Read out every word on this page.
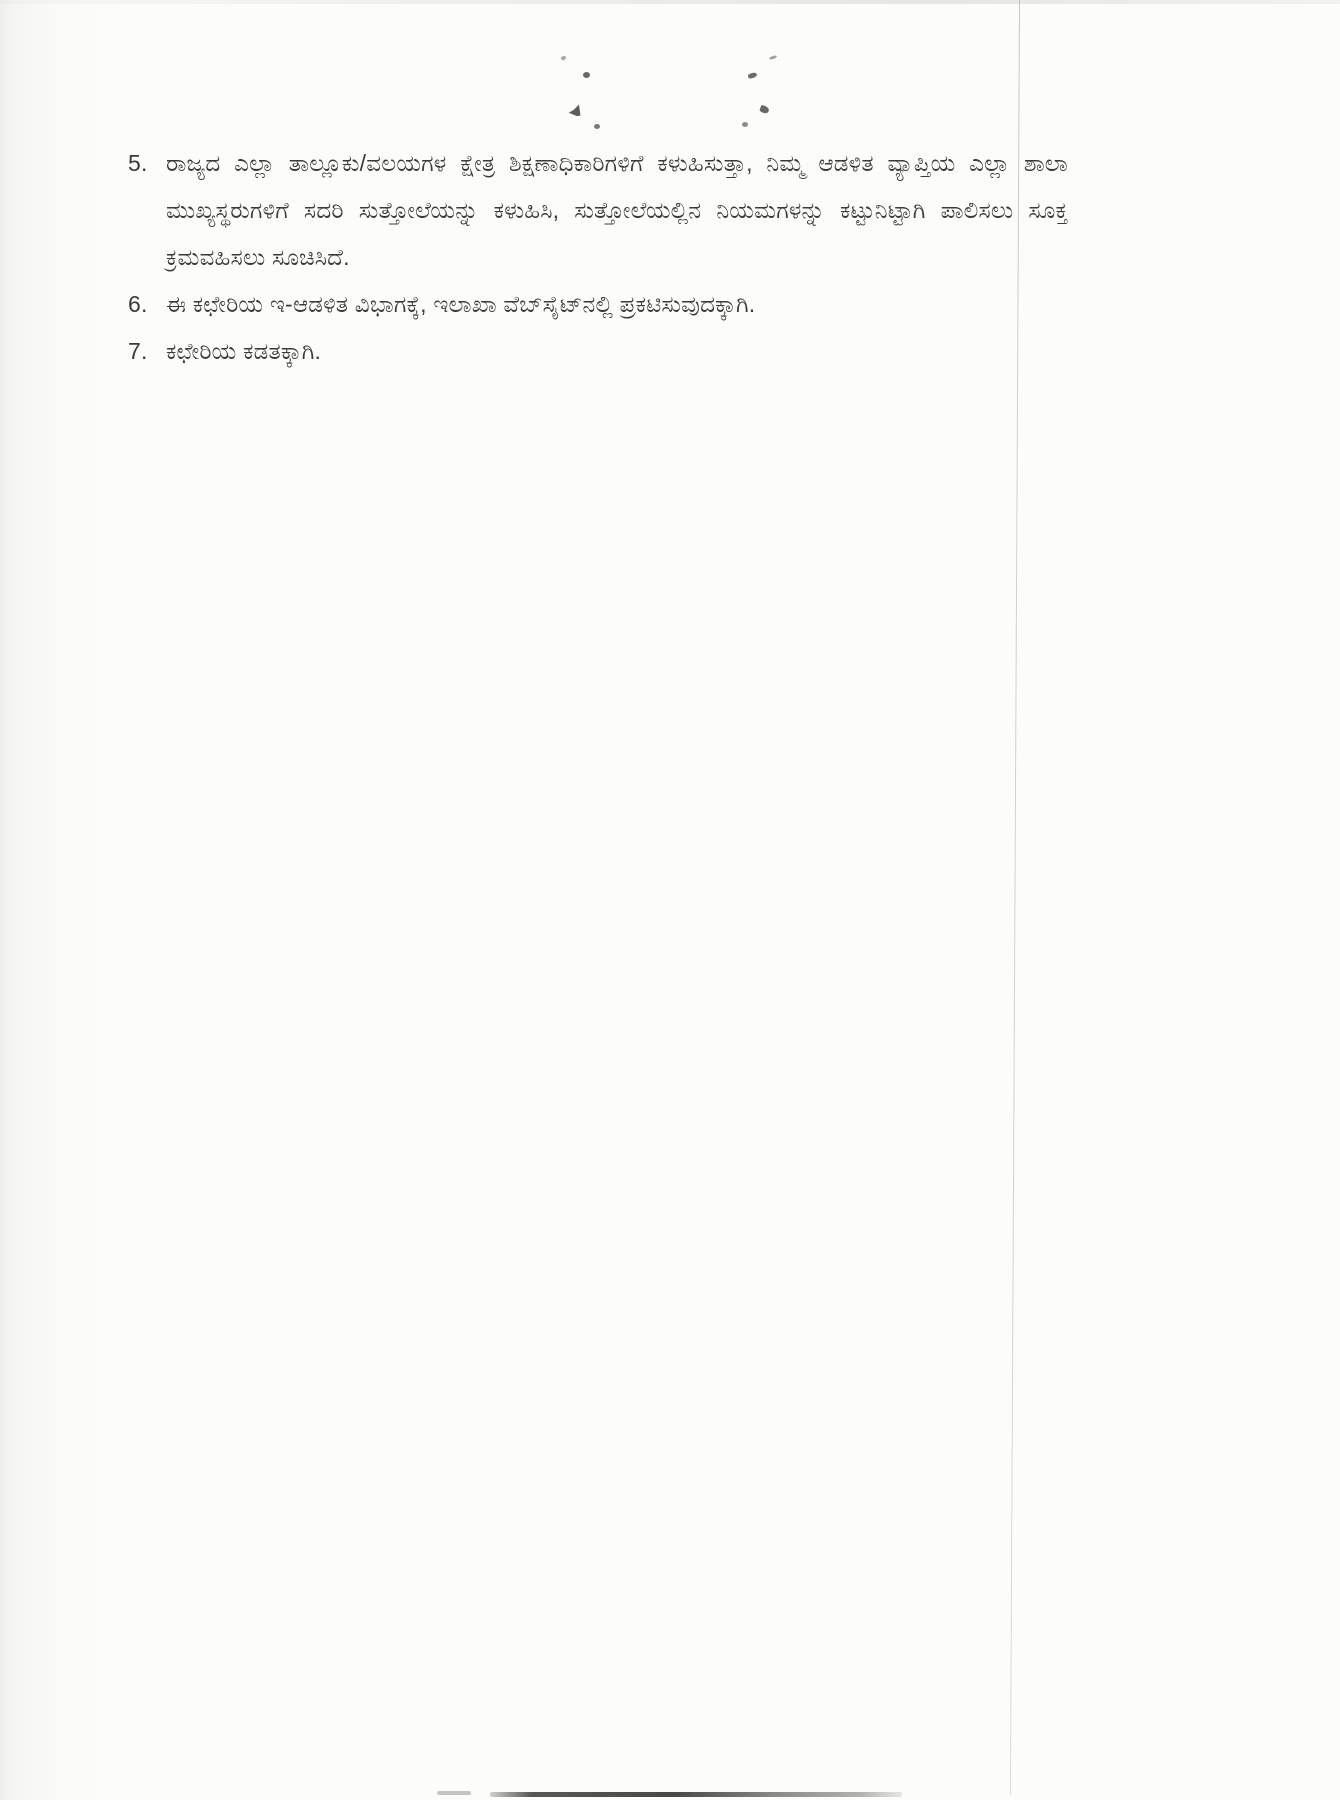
5. ರಾಜ್ಯದ ಎಲ್ಲಾ ತಾಲ್ಲೂಕು/ವಲಯಗಳ ಕ್ಷೇತ್ರ ಶಿಕ್ಷಣಾಧಿಕಾರಿಗಳಿಗೆ ಕಳುಹಿಸುತ್ತಾ, ನಿಮ್ಮ ಆಡಳಿತ ವ್ಯಾಪ್ತಿಯ ಎಲ್ಲಾ ಶಾಲಾ ಮುಖ್ಯಸ್ಥರುಗಳಿಗೆ ಸದರಿ ಸುತ್ತೋಲೆಯನ್ನು ಕಳುಹಿಸಿ, ಸುತ್ತೋಲೆಯಲ್ಲಿನ ನಿಯಮಗಳನ್ನು ಕಟ್ಟುನಿಟ್ಟಾಗಿ ಪಾಲಿಸಲು ಸೂಕ್ತ ಕ್ರಮವಹಿಸಲು ಸೂಚಿಸಿದೆ.
6. ಈ ಕಛೇರಿಯ ಇ-ಆಡಳಿತ ವಿಭಾಗಕ್ಕೆ, ಇಲಾಖಾ ವೆಬ್‌ಸೈಟ್‌ನಲ್ಲಿ ಪ್ರಕಟಿಸುವುದಕ್ಕಾಗಿ.
7. ಕಛೇರಿಯ ಕಡತಕ್ಕಾಗಿ.
